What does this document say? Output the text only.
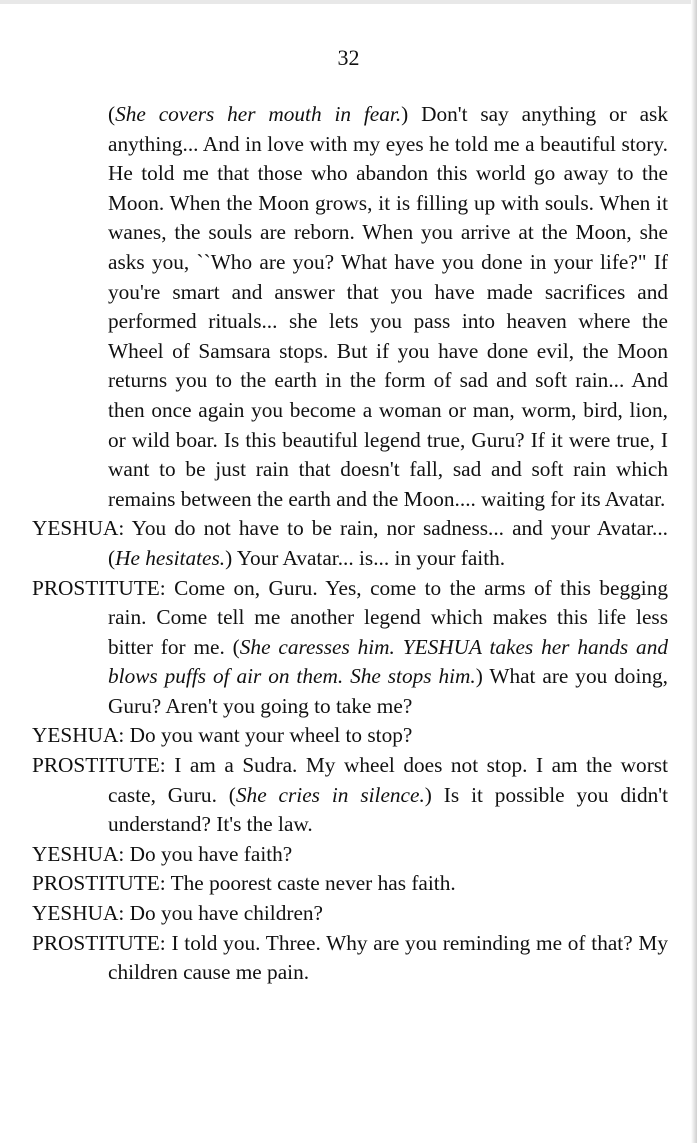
32

(She covers her mouth in fear.) Don't say anything or ask anything... And in love with my eyes he told me a beautiful story. He told me that those who abandon this world go away to the Moon. When the Moon grows, it is filling up with souls. When it wanes, the souls are reborn. When you arrive at the Moon, she asks you, ``Who are you? What have you done in your life?" If you're smart and answer that you have made sacrifices and performed rituals... she lets you pass into heaven where the Wheel of Samsara stops. But if you have done evil, the Moon returns you to the earth in the form of sad and soft rain... And then once again you become a woman or man, worm, bird, lion, or wild boar. Is this beautiful legend true, Guru? If it were true, I want to be just rain that doesn't fall, sad and soft rain which remains between the earth and the Moon.... waiting for its Avatar.

YESHUA: You do not have to be rain, nor sadness... and your Avatar... (He hesitates.) Your Avatar... is... in your faith.

PROSTITUTE: Come on, Guru. Yes, come to the arms of this begging rain. Come tell me another legend which makes this life less bitter for me. (She caresses him. YESHUA takes her hands and blows puffs of air on them. She stops him.) What are you doing, Guru? Aren't you going to take me?

YESHUA: Do you want your wheel to stop?

PROSTITUTE: I am a Sudra. My wheel does not stop. I am the worst caste, Guru. (She cries in silence.) Is it possible you didn't understand? It's the law.

YESHUA: Do you have faith?

PROSTITUTE: The poorest caste never has faith.

YESHUA: Do you have children?

PROSTITUTE: I told you. Three. Why are you reminding me of that? My children cause me pain.
